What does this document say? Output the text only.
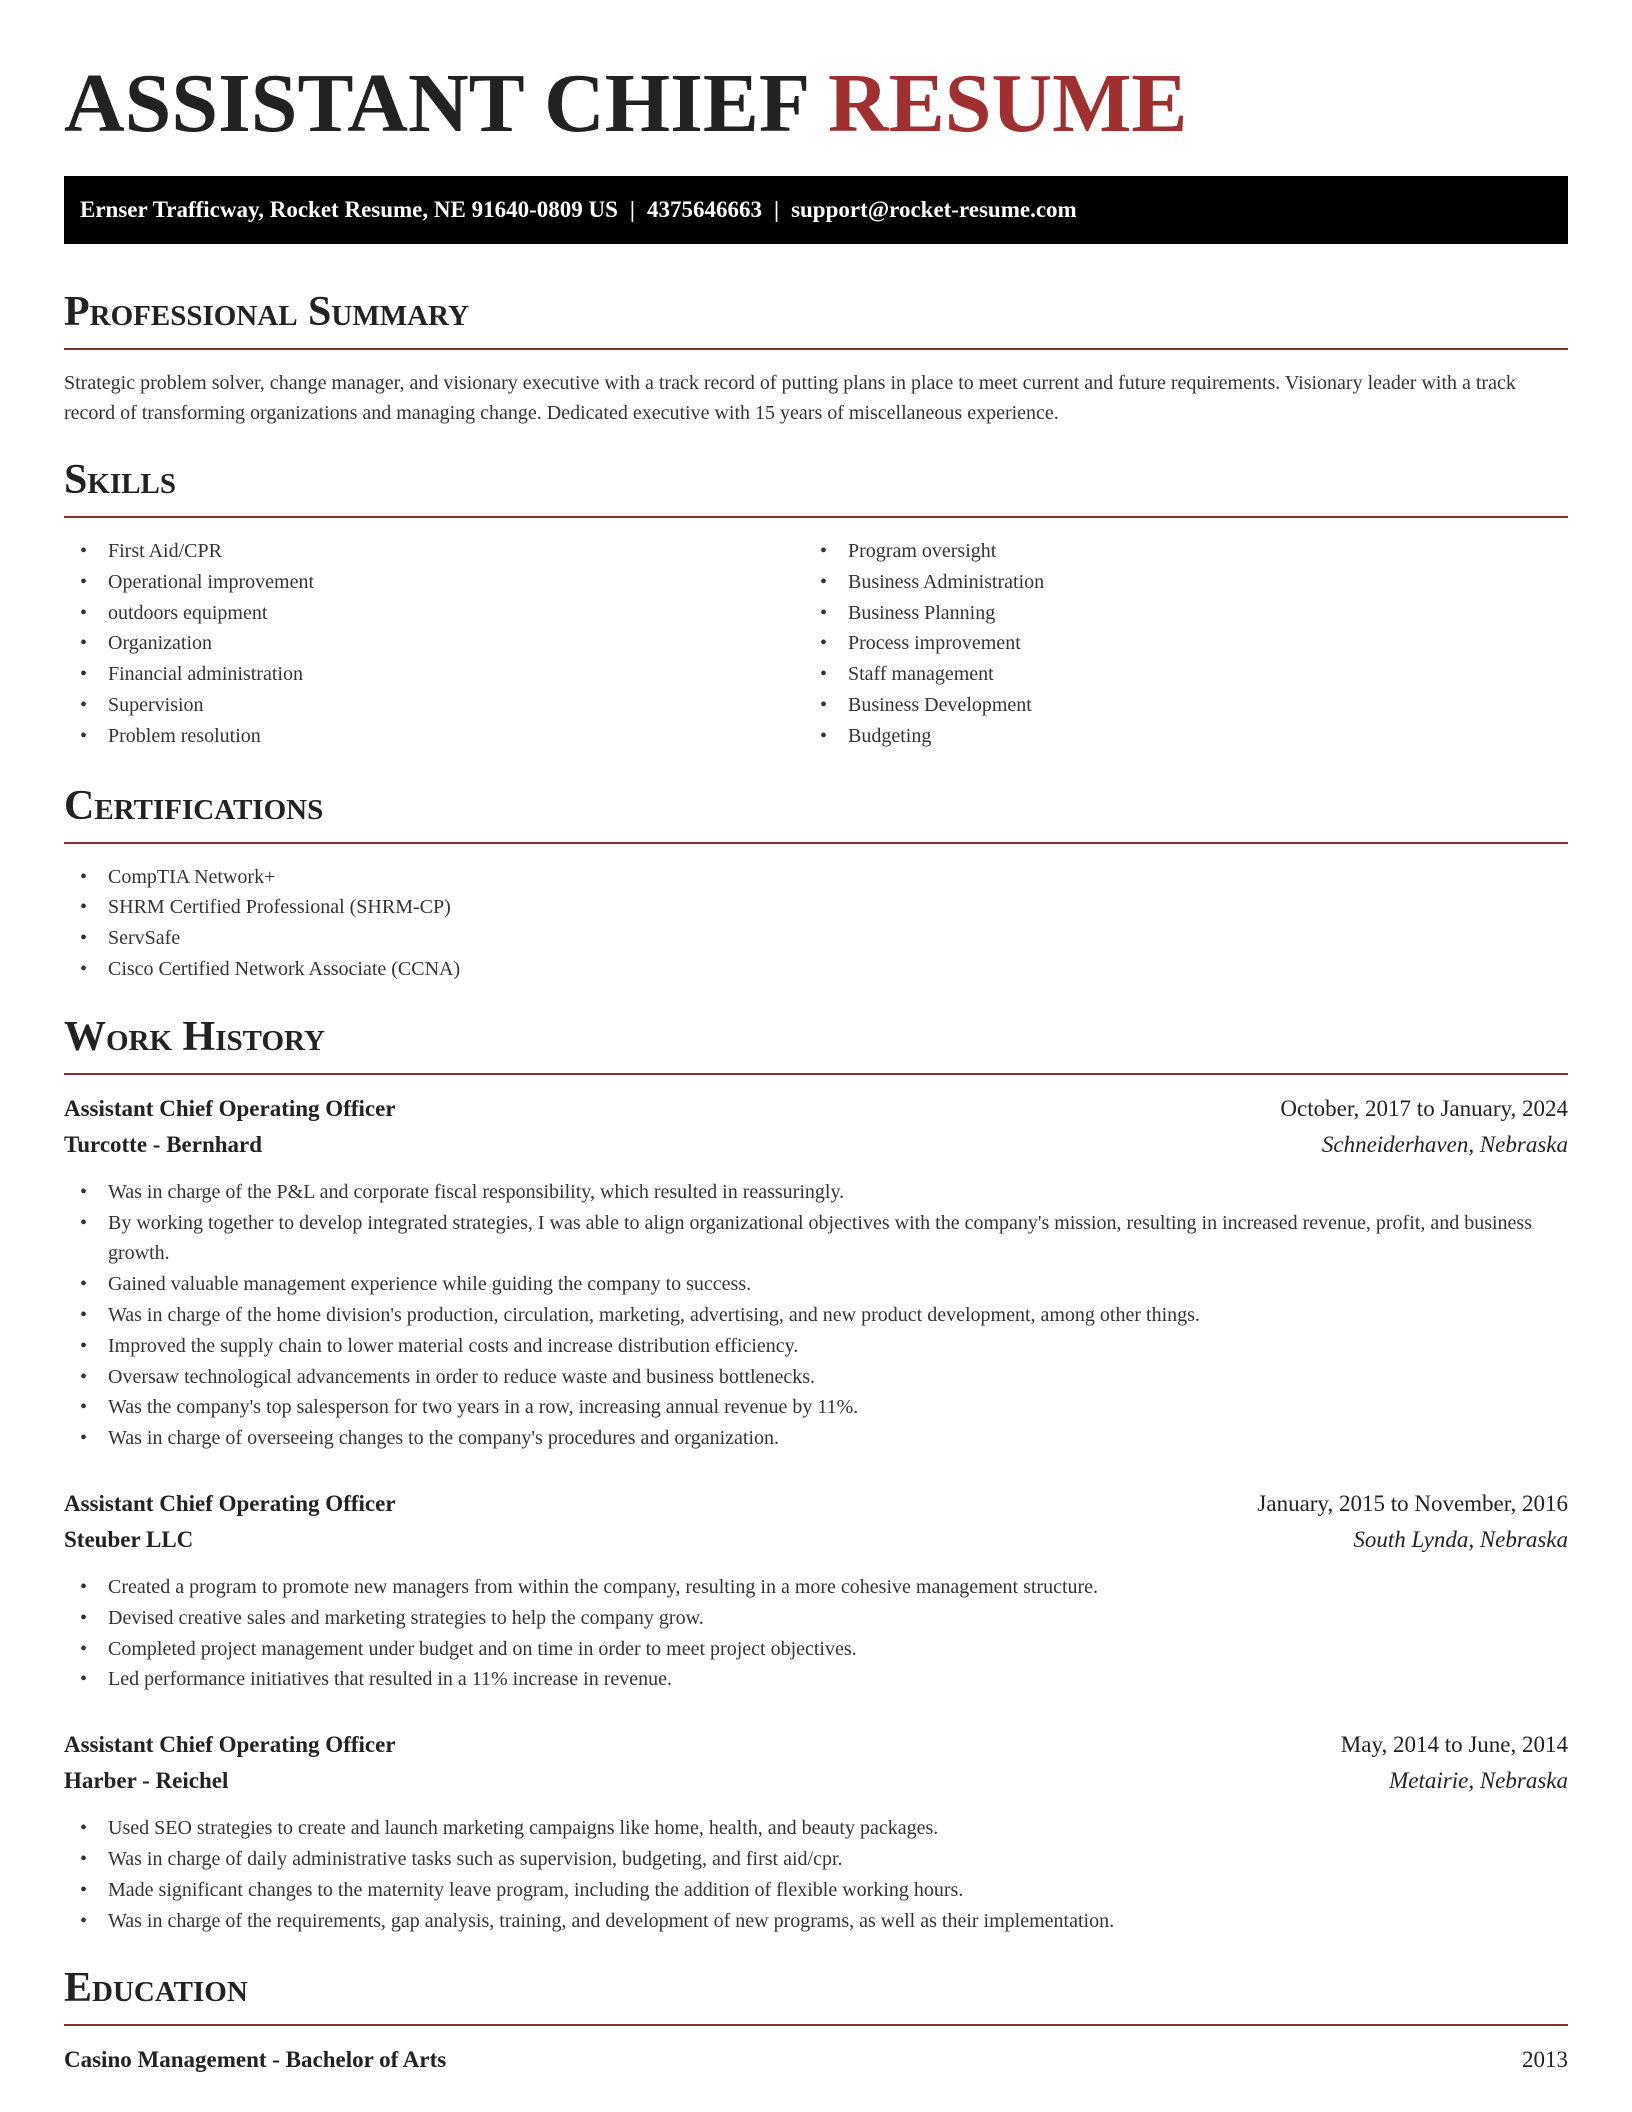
ASSISTANT CHIEF RESUME
Ernser Trafficway, Rocket Resume, NE 91640-0809 US | 4375646663 | support@rocket-resume.com
Professional Summary

Strategic problem solver, change manager, and visionary executive with a track record of putting plans in place to meet current and future requirements. Visionary leader with a track record of transforming organizations and managing change. Dedicated executive with 15 years of miscellaneous experience.

Skills
• First Aid/CPR
• Operational improvement
• outdoors equipment
• Organization
• Financial administration
• Supervision
• Problem resolution
• Program oversight
• Business Administration
• Business Planning
• Process improvement
• Staff management
• Business Development
• Budgeting
Certifications
• CompTIA Network+
• SHRM Certified Professional (SHRM-CP)
• ServSafe
• Cisco Certified Network Associate (CCNA)
Work History
Assistant Chief Operating Officer	October, 2017 to January, 2024
Turcotte - Bernhard	Schneiderhaven, Nebraska
• Was in charge of the P&L and corporate fiscal responsibility, which resulted in reassuringly.
• By working together to develop integrated strategies, I was able to align organizational objectives with the company's mission, resulting in increased revenue, profit, and business growth.
• Gained valuable management experience while guiding the company to success.
• Was in charge of the home division's production, circulation, marketing, advertising, and new product development, among other things.
• Improved the supply chain to lower material costs and increase distribution efficiency.
• Oversaw technological advancements in order to reduce waste and business bottlenecks.
• Was the company's top salesperson for two years in a row, increasing annual revenue by 11%.
• Was in charge of overseeing changes to the company's procedures and organization.
Assistant Chief Operating Officer	January, 2015 to November, 2016
Steuber LLC	South Lynda, Nebraska
• Created a program to promote new managers from within the company, resulting in a more cohesive management structure.
• Devised creative sales and marketing strategies to help the company grow.
• Completed project management under budget and on time in order to meet project objectives.
• Led performance initiatives that resulted in a 11% increase in revenue.
Assistant Chief Operating Officer	May, 2014 to June, 2014
Harber - Reichel	Metairie, Nebraska
• Used SEO strategies to create and launch marketing campaigns like home, health, and beauty packages.
• Was in charge of daily administrative tasks such as supervision, budgeting, and first aid/cpr.
• Made significant changes to the maternity leave program, including the addition of flexible working hours.
• Was in charge of the requirements, gap analysis, training, and development of new programs, as well as their implementation.
Education
Casino Management - Bachelor of Arts	2013
